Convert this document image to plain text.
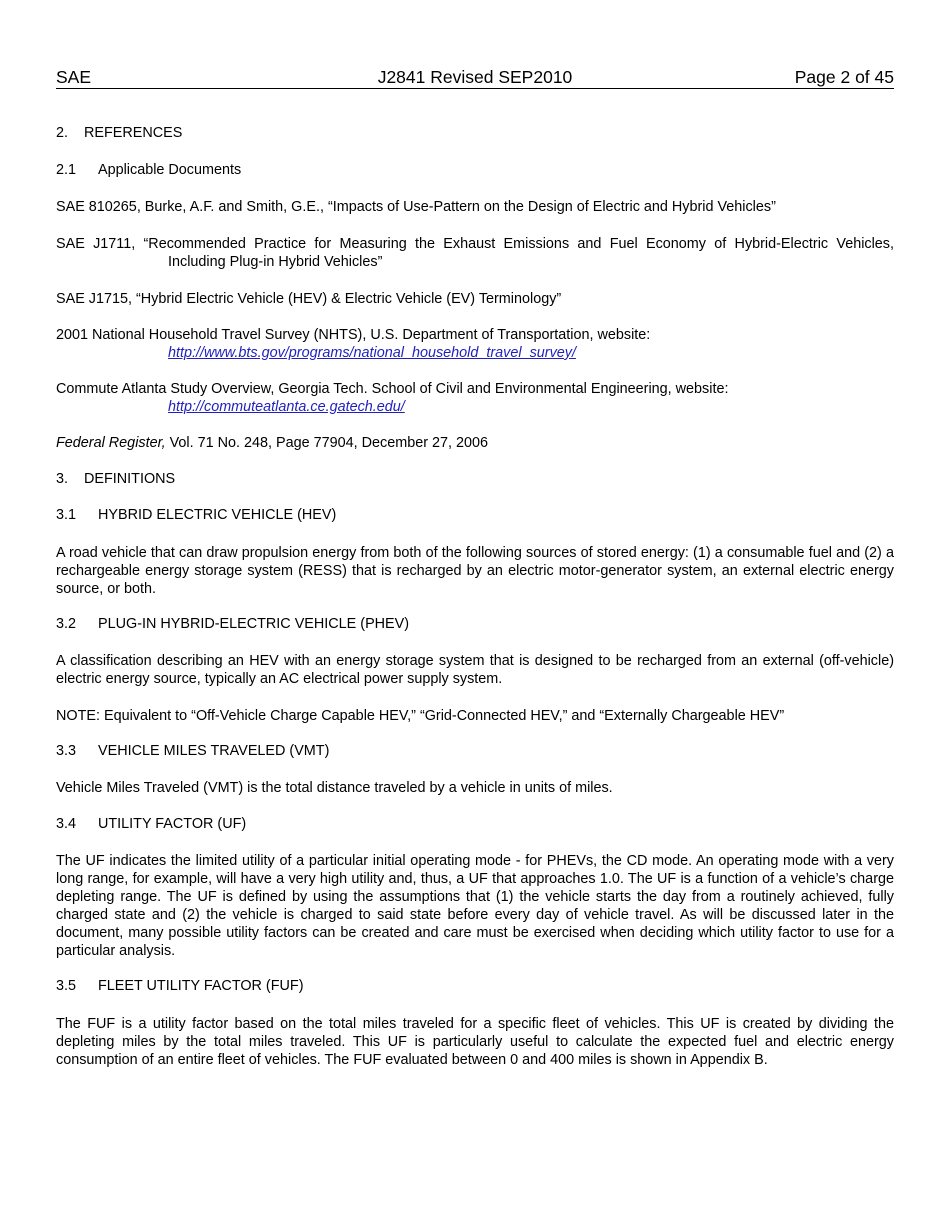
SAE	J2841 Revised SEP2010	Page 2 of 45
2. REFERENCES
2.1 Applicable Documents

SAE 810265, Burke, A.F. and Smith, G.E., “Impacts of Use-Pattern on the Design of Electric and Hybrid Vehicles”

SAE J1711, “Recommended Practice for Measuring the Exhaust Emissions and Fuel Economy of Hybrid-Electric Vehicles, Including Plug-in Hybrid Vehicles”

SAE J1715, “Hybrid Electric Vehicle (HEV) & Electric Vehicle (EV) Terminology”

2001 National Household Travel Survey (NHTS), U.S. Department of Transportation, website:

http://www.bts.gov/programs/national_household_travel_survey/

Commute Atlanta Study Overview, Georgia Tech. School of Civil and Environmental Engineering, website:

http://commuteatlanta.ce.gatech.edu/

Federal Register, Vol. 71 No. 248, Page 77904, December 27, 2006

3. DEFINITIONS
3.1 HYBRID ELECTRIC VEHICLE (HEV)

A road vehicle that can draw propulsion energy from both of the following sources of stored energy: (1) a consumable fuel and (2) a rechargeable energy storage system (RESS) that is recharged by an electric motor-generator system, an external electric energy source, or both.

3.2 PLUG-IN HYBRID-ELECTRIC VEHICLE (PHEV)

A classification describing an HEV with an energy storage system that is designed to be recharged from an external (off-vehicle) electric energy source, typically an AC electrical power supply system.

NOTE: Equivalent to “Off-Vehicle Charge Capable HEV,” “Grid-Connected HEV,” and “Externally Chargeable HEV”

3.3 VEHICLE MILES TRAVELED (VMT)

Vehicle Miles Traveled (VMT) is the total distance traveled by a vehicle in units of miles.

3.4 UTILITY FACTOR (UF)

The UF indicates the limited utility of a particular initial operating mode - for PHEVs, the CD mode. An operating mode with a very long range, for example, will have a very high utility and, thus, a UF that approaches 1.0. The UF is a function of a vehicle’s charge depleting range. The UF is defined by using the assumptions that (1) the vehicle starts the day from a routinely achieved, fully charged state and (2) the vehicle is charged to said state before every day of vehicle travel. As will be discussed later in the document, many possible utility factors can be created and care must be exercised when deciding which utility factor to use for a particular analysis.

3.5 FLEET UTILITY FACTOR (FUF)

The FUF is a utility factor based on the total miles traveled for a specific fleet of vehicles. This UF is created by dividing the depleting miles by the total miles traveled. This UF is particularly useful to calculate the expected fuel and electric energy consumption of an entire fleet of vehicles. The FUF evaluated between 0 and 400 miles is shown in Appendix B.
